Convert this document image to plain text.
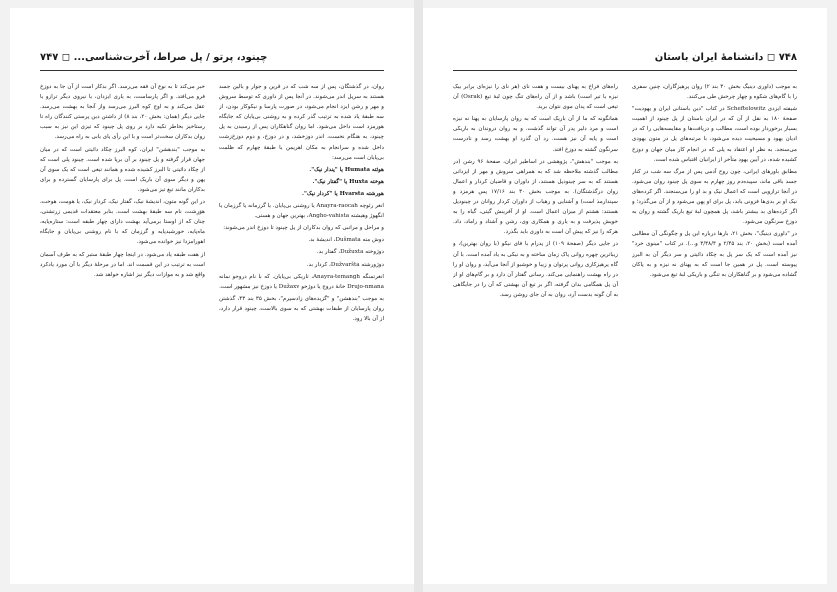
چینود، پرتو / پل صراط، آخرت‌شناسی... ◻ ۷۴۷

روان، در گذشتگان، پس از سه شب که در قرین و جوار و بالین جسد هستند به سرپل اندر می‌شوند. در آنجا پس از داوری که توسط سروش و مهر و رشن ایزد انجام می‌شود، در صورت پارسا و نیکوکار بودن، از سه طبقهٔ یاد شده به ترتیب گذر کرده و به روشنی بی‌پایان که جایگاه هورمزد است داخل می‌شود. اما روان گناهکاران پس از رسیدن به پل چینود، به هنگام نخست، اندر دوزخشد، و در دوزخ، و دوم دوزخ‌زشت داخل شده و سرانجام به مکان اهریمن یا طبقهٔ چهارم که ظلمت بی‌پایان است می‌رسد:

هوئته Humata یا "پندار نیک".

هوخته Huxta یا "گفتار نیک".

هورشته Hvarsta یا "کردار نیک".

انغر رئوچه Anayra-raocah یا روشنی بی‌پایان. یا گرزمانه یا گرزمان یا انگهوژ وهیشته Angho-vahista، بهترین جهان و هستی.

و مراحل و مراتبی که روان بدکاران از پل چینود تا دوزخ اندر می‌شوند:

دوش مته Dušmata، اندیشهٔ بد.

دوژوخته Dužuxta، گفتار بد.

دوژورشته Dužvaršta، کردار بد.

انغرتمنگه Anayra-temangh، تاریکی بی‌پایان. که با نام دروجو نمانه Drujo-nmana خانهٔ دروج یا دوژخو Dužaxv یا دوزخ نیز مشهور است.

به موجب "بندهشن" و "گزیده‌های زادسپرم"، بخش ۳۵ بند ۴۳، گذشتن روان پارسایان از طبقات بهشتی که به سوی بالاست، چینود قرار دارد، از آن بالا رود.

خبر می‌کند تا به نوع آن فقه می‌رسد. اگر بدکار است از آن جا به دوزخ فرو می‌افتد. و اگر پارساست، به یاری ایزدان، یا نیروی دیگر ترازو یا عقل می‌کند و به اوج کوه البرز می‌رسد واز آنجا به بهشت می‌رسد. جایی دیگر (همان: بخش ۲۰، بند ۸) از داشتن دین پرستی کنندگان راه تا رستاخیز بخاطر تکیه دارد بر روی پل چینود که تیزی این نیز به سبب روان بدکاران سخت‌تر است و با این رأی پای یابی به راه می‌رسد.

به موجب "بندهشن" ایران، کوه البرز چکاد دائیتی است که در میان جهان قرار گرفته و پل چینود بر آن برپا شده است. چینود پلی است که از چکاد دائیتی تا البرز کشیده شده و همانند تیغی است که یک سوی آن پهن و دیگر سوی آن باریک است. پل برای پارسایان گسترده و برای بدکاران مانند تیغ تیز می‌شود.

در این گونه متون، اندیشهٔ نیک، گفتار نیک، کردار نیک، یا هومت، هوخت، هوَرِشت، نام سه طبقهٔ بهشت است. بنابر معتقدات قدیمی زرتشتی، چنان که از اوستا برمی‌آید بهشت دارای چهار طبقه است: ستاره‌پایه، ماه‌پایه، خورشیدپایه و گرزمان که با نام روشنی بی‌پایان و جایگاه اهورامزدا نیز خوانده می‌شود.

از هفت طبقه یاد می‌شود. در اینجا چهار طبقهٔ ستبر که به طرف آسمان است به ترتیب در این قسمت اند. اما در مرحلهٔ دیگر با آن مورد یادکرد واقع شد و به موازات دیگر نیز اشاره خواهد شد.

۷۴۸ ◻ دانشنامهٔ ایران باستان

به موجب (داوری دینیگ بخش ۳۰ بند ۲) روان پرهیزگاران، چنین سفری را با گام‌های شکوه و چهار چرخش طی می‌کنند.

شیفته ایزدی Scheftelowitz در کتاب "دین باستانی ایران و یهودیت" صفحهٔ ۱۸۰ به نقل از آن که در ایران باستان از پل چینود از اهمیت بسیار برخوردار بوده است، مطالب و دریافت‌ها و مقایسه‌هایی را که در ادیان یهود و مسیحیت دیده می‌شود، با مرتبه‌های پل در متون یهودی می‌سنجد. به نظر او اعتقاد به پلی که در انجام کار میان جهان و دوزخ کشیده شده، در آیین یهود متأخر از ایرانیان اقتباس شده است.

مطابق باورهای ایرانی، چون روح آدمی پس از مرگ سه شب در کنار جسد باقی ماند، سپیده‌دم روز چهارم به سوی پل چینود روان می‌شود. در آنجا ترازویی است که اعمال نیک و بد او را می‌سنجند. اگر کرده‌های نیک او بر بدی‌ها فزونی یابد، پل برای او پهن می‌شود و از آن می‌گذرد؛ و اگر کرده‌های بد بیشتر باشد، پل همچون لبهٔ تیغ باریک گشته و روان به دوزخ سرنگون می‌شود.

در "داوری دینیگ"، بخش ۲۱، بارها درباره این پل و چگونگی آن مطالبی آمده است (بخش ۲۰، بند ۲/۴۵ و ۳/۳۸/۴ و...). در کتاب "مینوی خرد" نیز آمده است که یک سر پل به چکاد دائیتی و سر دیگر آن به البرز پیوسته است. پل در همین جا است که به پهنای نه نیزه و به پاکان گشاده می‌شود و بر گناهکاران به تنگی و باریکی لبهٔ تیغ می‌شود.

راه‌های فراخ به پهنای بیست و هفت نای (هر نای را نیزه‌ای برابر بیک نیزه یا تیر است) باشد و از آن راه‌های تنگ چون لبهٔ تیغ (Osrak) آن تیغی است که پدان موی نتوان برید.

همانگونه که ما از آن باریک است که به روان پارسایان به پهنا نه نیزه است و مرد دلیر پدر آن تواند گذشت. و به روان دروندان به باریکی است و پایه آن نیز هست. رد آن گذرد او بهشت رسد و نادرست سرنگون گشته به دوزخ افتد.

به موجب "بندهش"، پژوهشی در اساطیر ایران، صفحهٔ ۹۶ رشن (در مطالب گذشته ملاحظه شد که به همراهی سروش و مهر از ایزدانی هستند که به سر چینود‌پل هستند، از داوران و قاضیان کردار و اعمال روان درگذشتگان). به موجب بخش ۳۰ بند ۱۷/۱۶ پس هرمزد و سپندارمذ است) و آشنایی و رهیاب از داوران کردار روانان در چینودپل هستند: هشتم از میزان اعمال است. او از آفرینش گیتی، گیاه را به خویش پذیرفت و به یاری و همکاری وی، رشن و آشتاد و راماد، داد. هرکه را نیز که پیش آن است به داوری باید بگذرد.

در جایی دیگر (صفحهٔ ۱۰۹) از پدرام با فای نیکو (با روان بهترین)، و زیباترین چهره روانی پاک زمان ساخته و به نیکی به یاد آمده است. با آن گاه پرهیزکاری روانی پرتوان و زیبا و خوشبو از آنجا می‌آید، و روان او را در راه بهشت راهنمایی می‌کند. رسانی گفتار آن دارد و بر گام‌های او از آن پل همگامی بدان گرفته، اگر بر تیغ آن بهشتی که آن را در جایگاهی به آن گونه بدست آرد، روان به آن جای روشن رسد.
